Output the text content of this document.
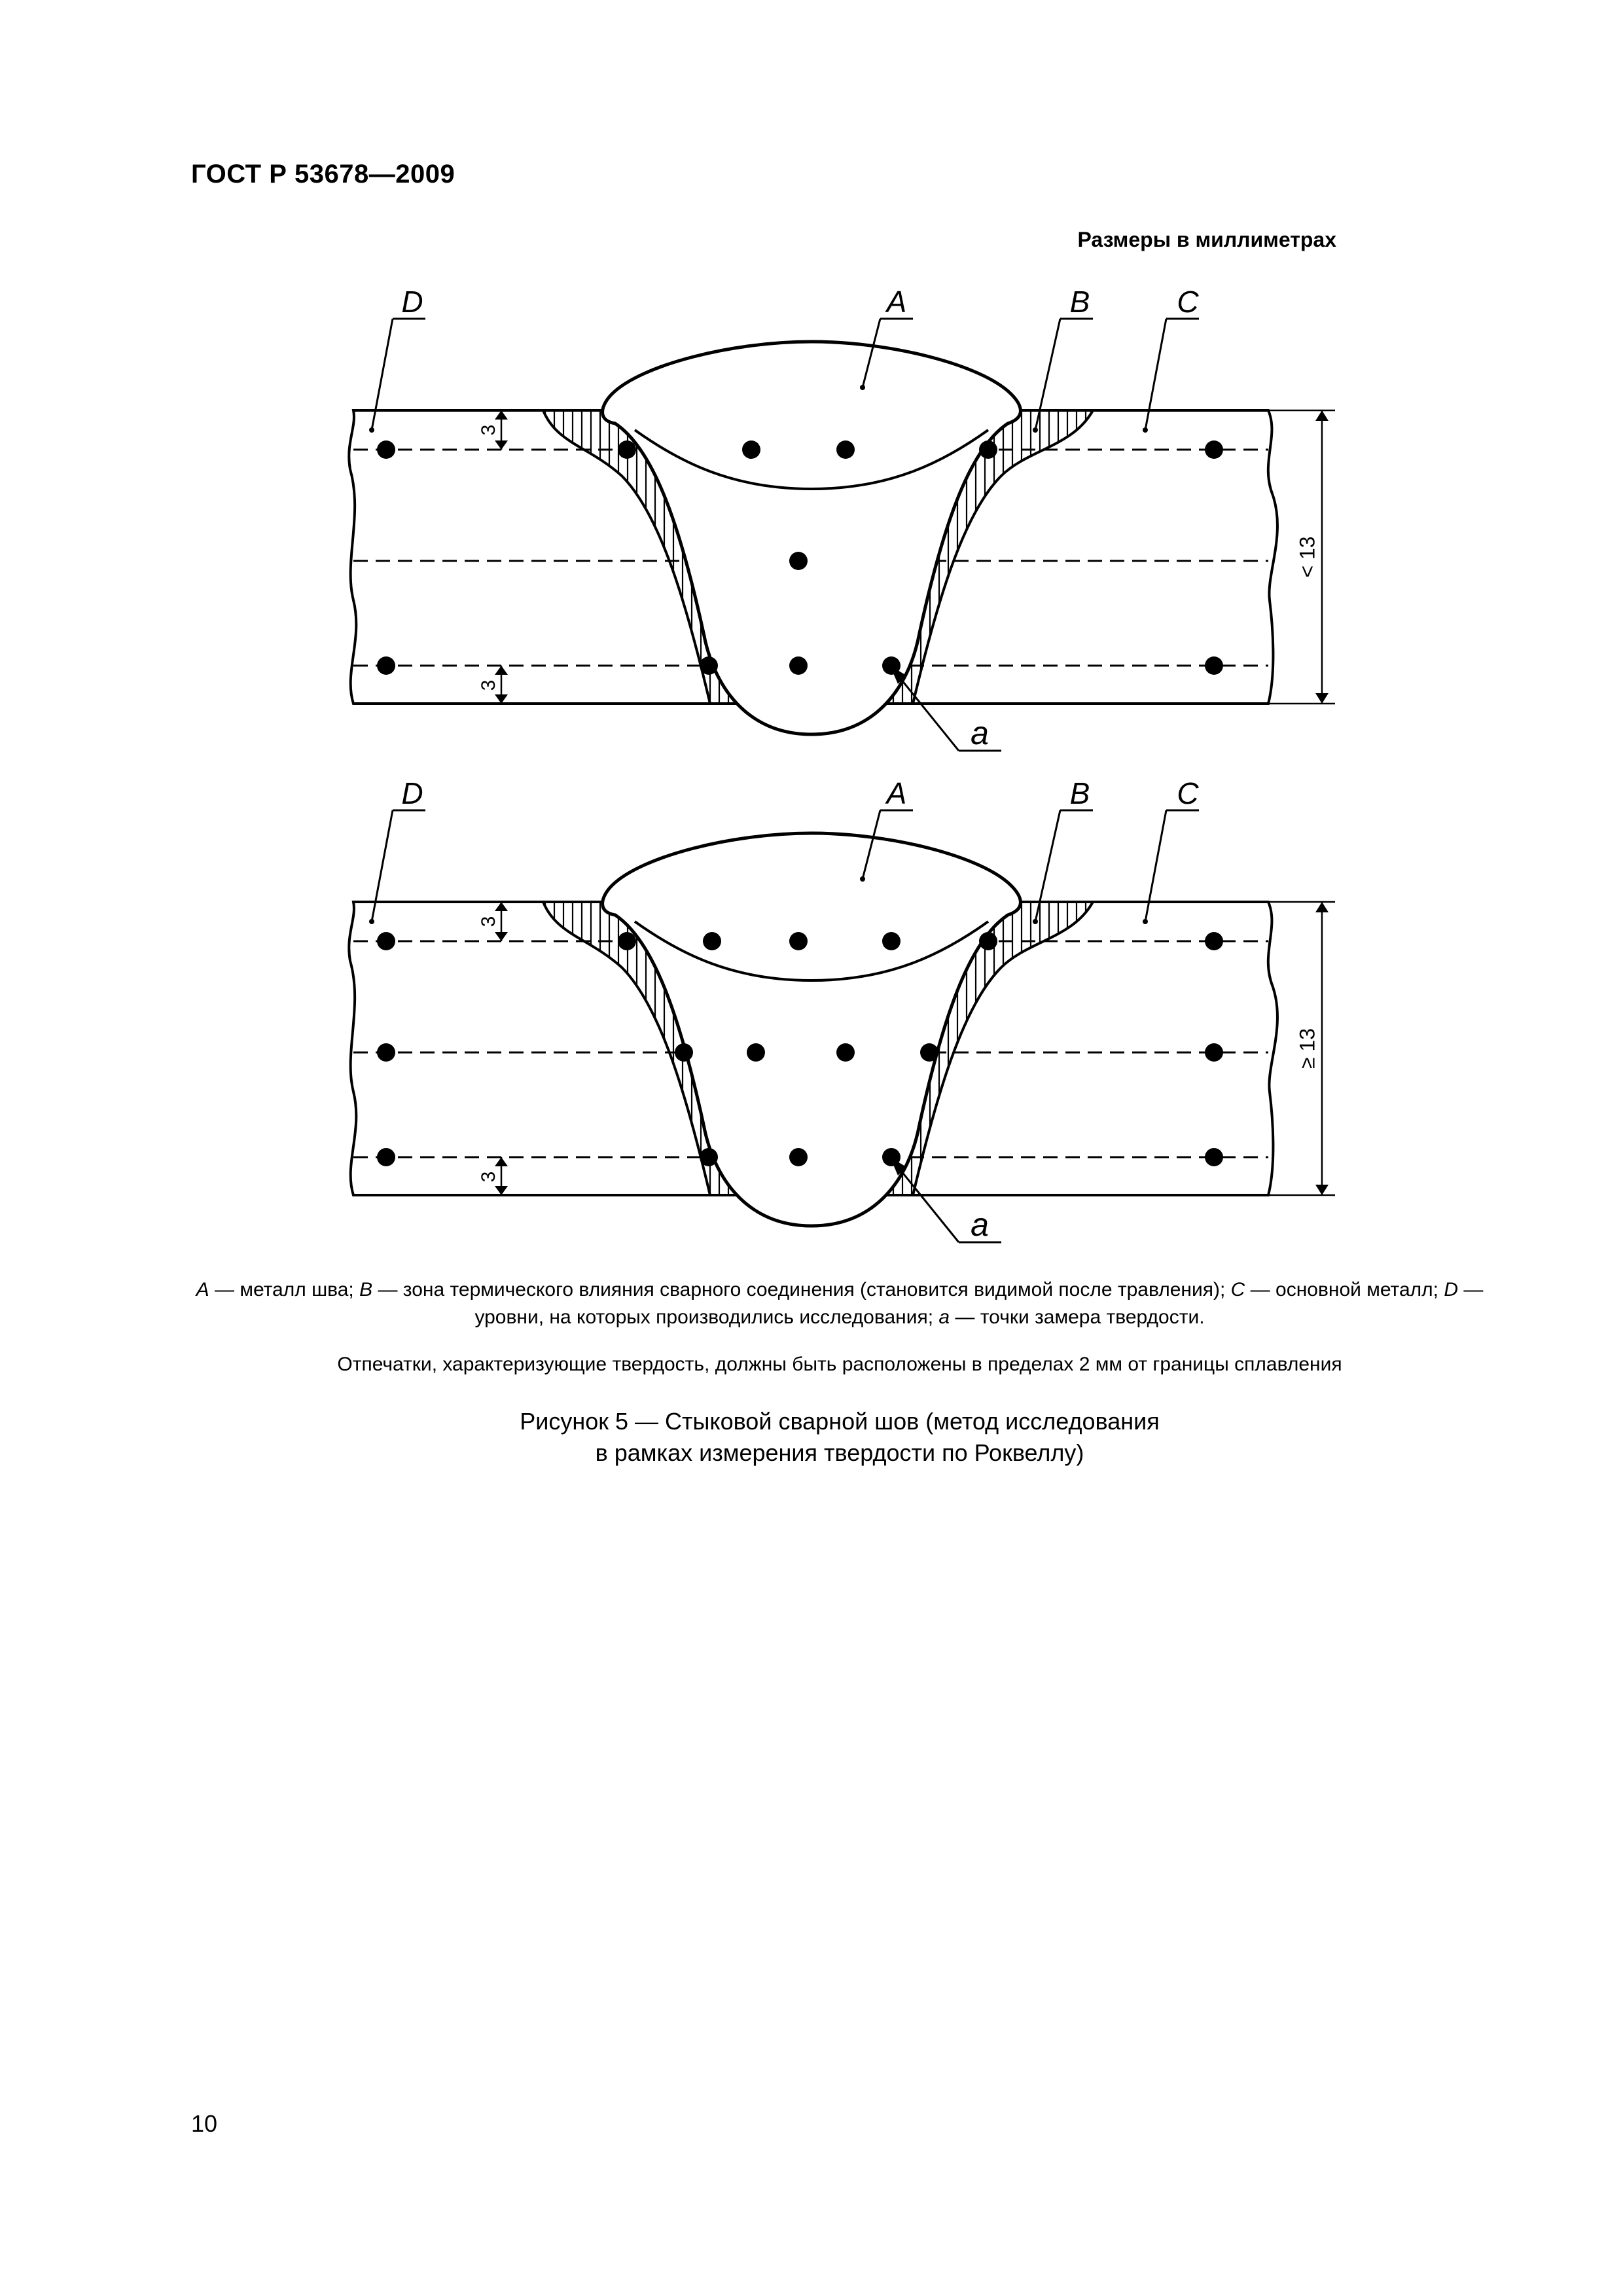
ГОСТ Р 53678—2009
Размеры в миллиметрах
3
3
D	A	B	C
a
< 13
D	A	B	C
a
≥ 13
A — металл шва; B — зона термического влияния сварного соединения (становится видимой после травления); C — основной металл; D — уровни, на которых производились исследования; a — точки замера твердости.
Отпечатки, характеризующие твердость, должны быть расположены в пределах 2 мм от границы сплавления
Рисунок 5 — Стыковой сварной шов (метод исследования
в рамках измерения твердости по Роквеллу)
10
